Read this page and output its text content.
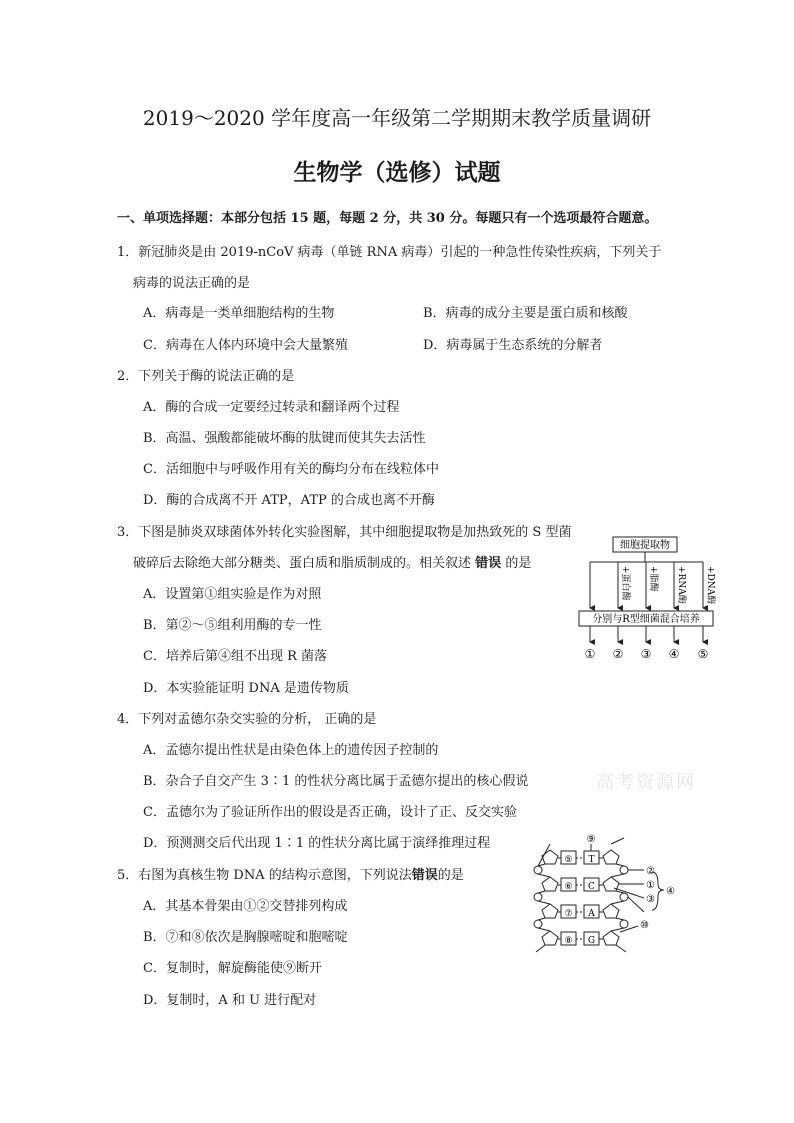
2019～2020 学年度高一年级第二学期期末教学质量调研
生物学（选修）试题
一、单项选择题：本部分包括 15 题，每题 2 分，共 30 分。每题只有一个选项最符合题意。
1．新冠肺炎是由 2019-nCoV 病毒（单链 RNA 病毒）引起的一种急性传染性疾病，下列关于
病毒的说法正确的是
A．病毒是一类单细胞结构的生物	B．病毒的成分主要是蛋白质和核酸
C．病毒在人体内环境中会大量繁殖	D．病毒属于生态系统的分解者
2．下列关于酶的说法正确的是
A．酶的合成一定要经过转录和翻译两个过程
B．高温、强酸都能破坏酶的肽键而使其失去活性
C．活细胞中与呼吸作用有关的酶均分布在线粒体中
D．酶的合成离不开 ATP，ATP 的合成也离不开酶
3．下图是肺炎双球菌体外转化实验图解，其中细胞提取物是加热致死的 S 型菌
破碎后去除绝大部分糖类、蛋白质和脂质制成的。相关叙述 错误 的是
A．设置第①组实验是作为对照
B．第②～⑤组利用酶的专一性
C．培养后第④组不出现 R 菌落
D．本实验能证明 DNA 是遗传物质
细胞提取物
+蛋白酶 +脂酶 +RNA酶 +DNA酶
分别与R型细菌混合培养
① ② ③ ④ ⑤
4．下列对孟德尔杂交实验的分析， 正确的是
A．孟德尔提出性状是由染色体上的遗传因子控制的
B．杂合子自交产生 3∶1 的性状分离比属于孟德尔提出的核心假说
C．孟德尔为了验证所作出的假设是否正确，设计了正、反交实验
D．预测测交后代出现 1∶1 的性状分离比属于演绎推理过程
高考资源网
5．右图为真核生物 DNA 的结构示意图，下列说法错误的是
A．其基本骨架由①②交替排列构成
B．⑦和⑧依次是胸腺嘧啶和胞嘧啶
C．复制时，解旋酶能使⑨断开
D．复制时，A 和 U 进行配对
⑤
⑥
⑦
⑧
T
C
A
G
⑨
②
①
③
④
⑩
